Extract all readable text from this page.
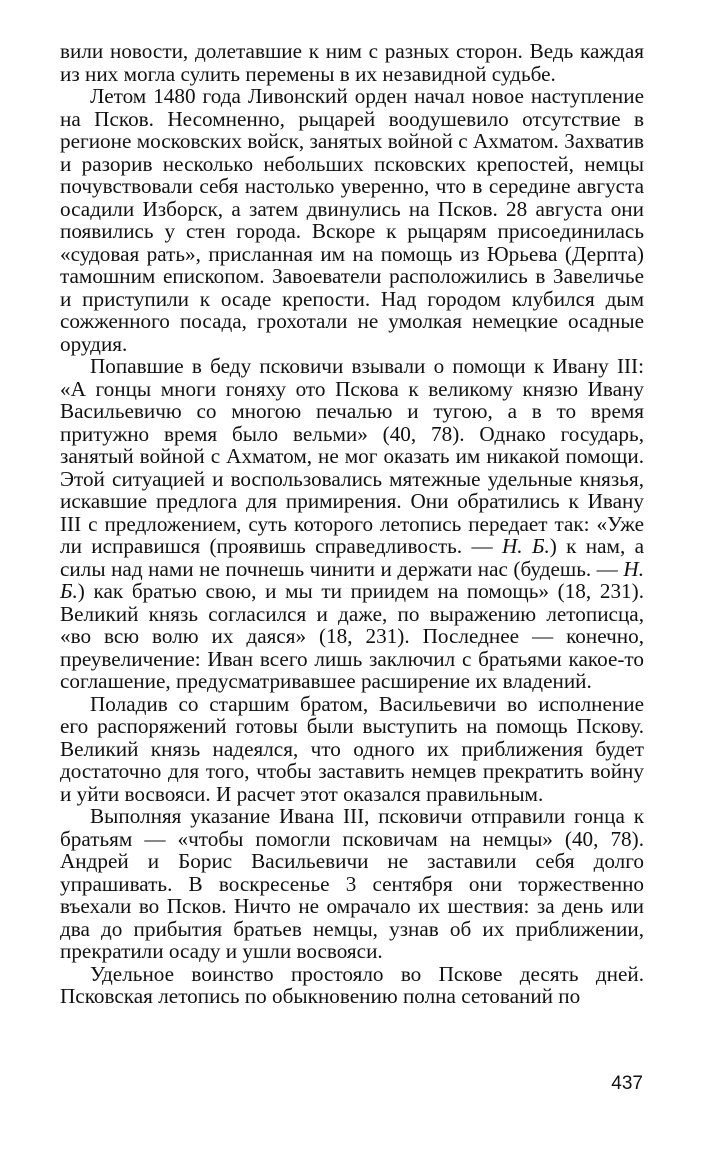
вили новости, долетавшие к ним с разных сторон. Ведь каждая из них могла сулить перемены в их незавидной судьбе.

Летом 1480 года Ливонский орден начал новое наступление на Псков. Несомненно, рыцарей воодушевило отсутствие в регионе московских войск, занятых войной с Ахматом. Захватив и разорив несколько небольших псковских крепостей, немцы почувствовали себя настолько уверенно, что в середине августа осадили Изборск, а затем двинулись на Псков. 28 августа они появились у стен города. Вскоре к рыцарям присоединилась «судовая рать», присланная им на помощь из Юрьева (Дерпта) тамошним епископом. Завоеватели расположились в Завеличье и приступили к осаде крепости. Над городом клубился дым сожженного посада, грохотали не умолкая немецкие осадные орудия.

Попавшие в беду псковичи взывали о помощи к Ивану III: «А гонцы многи гоняху ото Пскова к великому князю Ивану Васильевичю со многою печалью и тугою, а в то время притужно время было вельми» (40, 78). Однако государь, занятый войной с Ахматом, не мог оказать им никакой помощи. Этой ситуацией и воспользовались мятежные удельные князья, искавшие предлога для примирения. Они обратились к Ивану III с предложением, суть которого летопись передает так: «Уже ли исправишся (проявишь справедливость. — Н. Б.) к нам, а силы над нами не почнешь чинити и держати нас (будешь. — Н. Б.) как братью свою, и мы ти приидем на помощь» (18, 231). Великий князь согласился и даже, по выражению летописца, «во всю волю их даяся» (18, 231). Последнее — конечно, преувеличение: Иван всего лишь заключил с братьями какое-то соглашение, предусматривавшее расширение их владений.

Поладив со старшим братом, Васильевичи во исполнение его распоряжений готовы были выступить на помощь Пскову. Великий князь надеялся, что одного их приближения будет достаточно для того, чтобы заставить немцев прекратить войну и уйти восвояси. И расчет этот оказался правильным.

Выполняя указание Ивана III, псковичи отправили гонца к братьям — «чтобы помогли псковичам на немцы» (40, 78). Андрей и Борис Васильевичи не заставили себя долго упрашивать. В воскресенье 3 сентября они торжественно въехали во Псков. Ничто не омрачало их шествия: за день или два до прибытия братьев немцы, узнав об их приближении, прекратили осаду и ушли восвояси.

Удельное воинство простояло во Пскове десять дней. Псковская летопись по обыкновению полна сетований по

437
